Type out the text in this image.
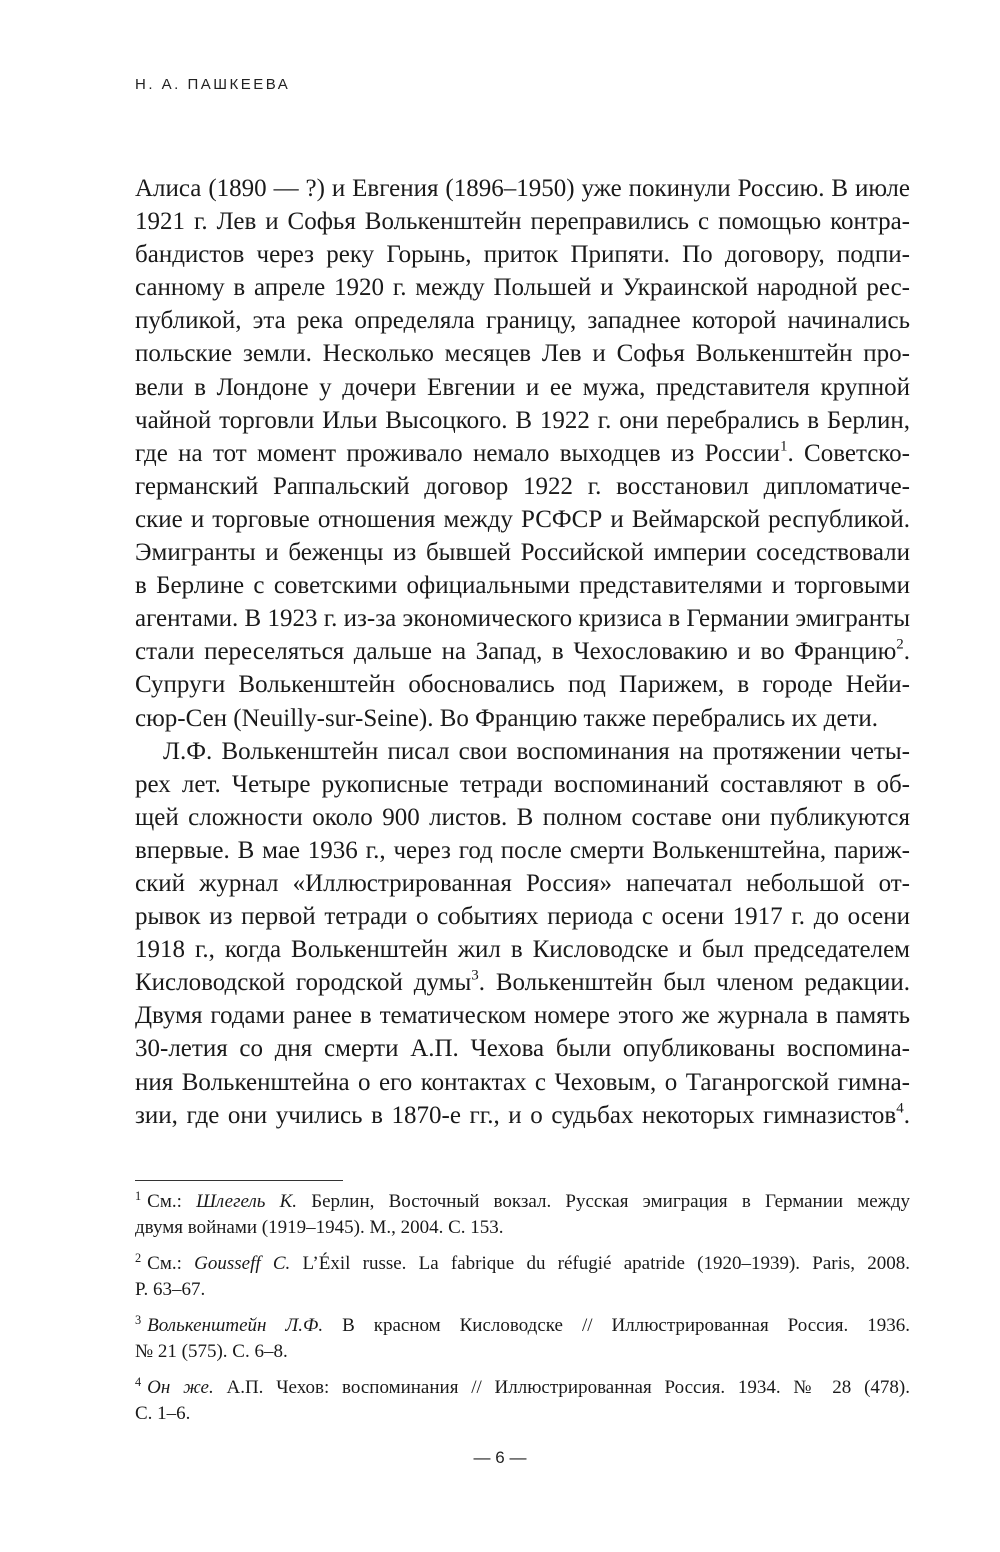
Н. А. ПАШКЕЕВА
Алиса (1890 — ?) и Евгения (1896–1950) уже покинули Россию. В июле
1921 г. Лев и Софья Волькенштейн переправились с помощью контра-
бандистов через реку Горынь, приток Припяти. По договору, подпи-
санному в апреле 1920 г. между Польшей и Украинской народной рес-
публикой, эта река определяла границу, западнее которой начинались
польские земли. Несколько месяцев Лев и Софья Волькенштейн про-
вели в Лондоне у дочери Евгении и ее мужа, представителя крупной
чайной торговли Ильи Высоцкого. В 1922 г. они перебрались в Берлин,
где на тот момент проживало немало выходцев из России$^1$. Советско-
германский Раппальский договор 1922 г. восстановил дипломатиче-
ские и торговые отношения между РСФСР и Веймарской республикой.
Эмигранты и беженцы из бывшей Российской империи соседствовали
в Берлине с советскими официальными представителями и торговыми
агентами. В 1923 г. из-за экономического кризиса в Германии эмигранты
стали переселяться дальше на Запад, в Чехословакию и во Францию$^2$.
Супруги Волькенштейн обосновались под Парижем, в городе Нейи-
сюр-Сен (Neuilly-sur-Seine). Во Францию также перебрались их дети.
Л.Ф. Волькенштейн писал свои воспоминания на протяжении четы-
рех лет. Четыре рукописные тетради воспоминаний составляют в об-
щей сложности около 900 листов. В полном составе они публикуются
впервые. В мае 1936 г., через год после смерти Волькенштейна, париж-
ский журнал «Иллюстрированная Россия» напечатал небольшой от-
рывок из первой тетради о событиях периода с осени 1917 г. до осени
1918 г., когда Волькенштейн жил в Кисловодске и был председателем
Кисловодской городской думы$^3$. Волькенштейн был членом редакции.
Двумя годами ранее в тематическом номере этого же журнала в память
30-летия со дня смерти А.П. Чехова были опубликованы воспомина-
ния Волькенштейна о его контактах с Чеховым, о Таганрогской гимна-
зии, где они учились в 1870-е гг., и о судьбах некоторых гимназистов$^4$.
$^1$ См.: Шлегель К. Берлин, Восточный вокзал. Русская эмиграция в Германии между
двумя войнами (1919–1945). М., 2004. С. 153.
$^2$ См.: Gousseff C. L’Éxil russe. La fabrique du réfugié apatride (1920–1939). Paris, 2008.
P. 63–67.
$^3$ Волькенштейн Л.Ф. В красном Кисловодске // Иллюстрированная Россия. 1936.
№ 21 (575). С. 6–8.
$^4$ Он же. А.П. Чехов: воспоминания // Иллюстрированная Россия. 1934. № 28 (478).
С. 1–6.
— 6 —
